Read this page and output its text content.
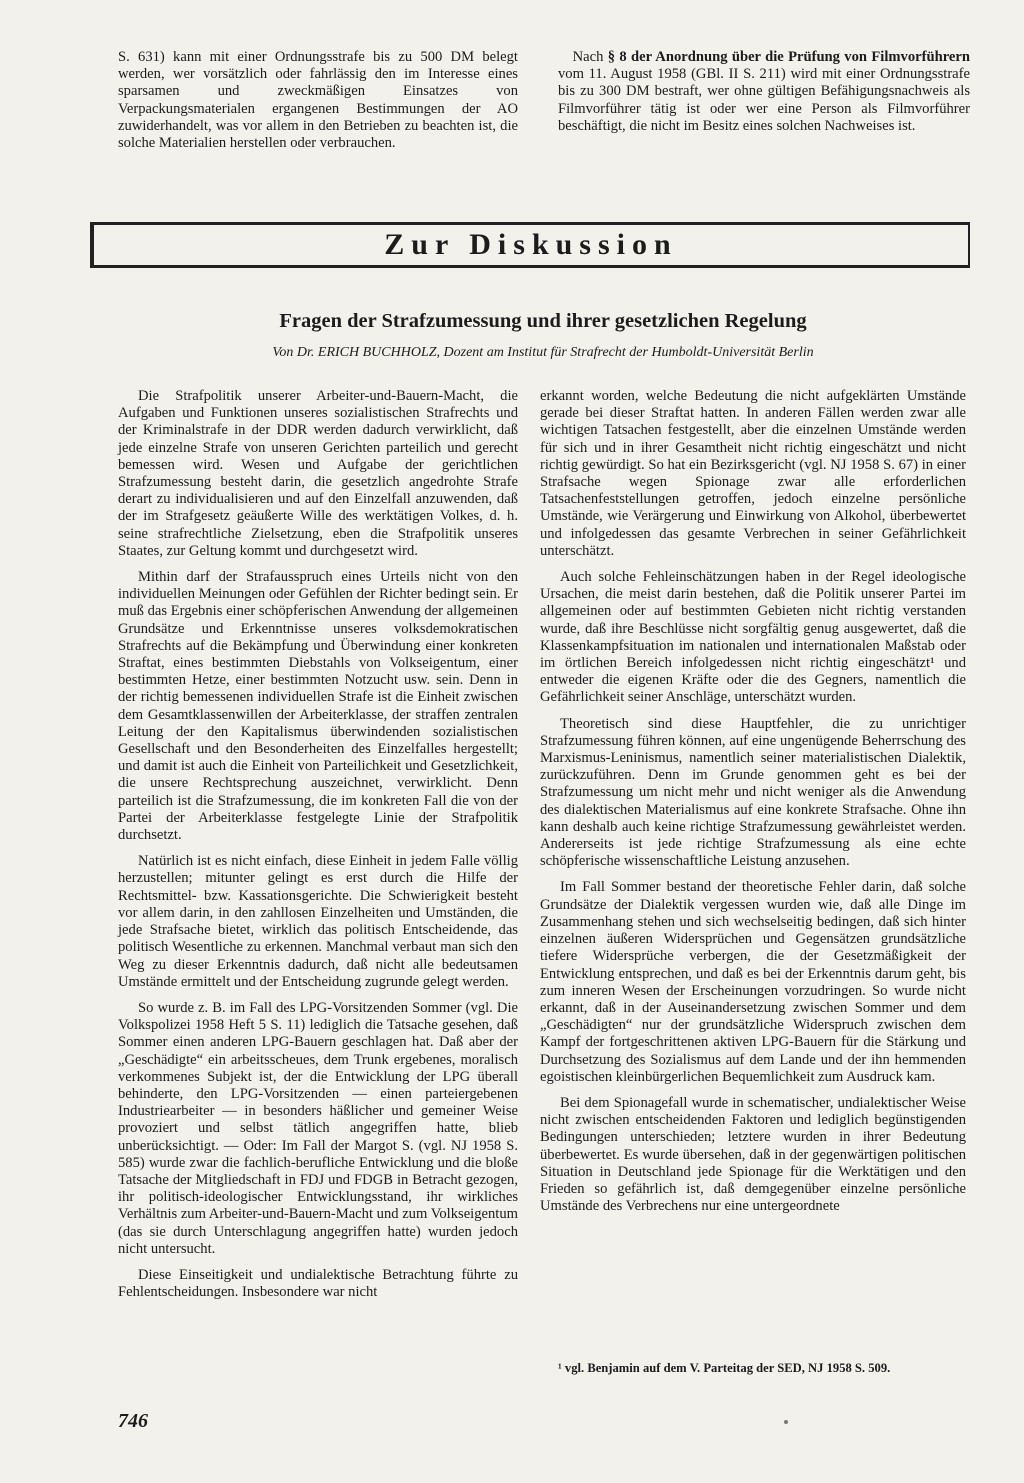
S. 631) kann mit einer Ordnungsstrafe bis zu 500 DM belegt werden, wer vorsätzlich oder fahrlässig den im Interesse eines sparsamen und zweckmäßigen Einsatzes von Verpackungsmaterialen ergangenen Bestimmungen der AO zuwiderhandelt, was vor allem in den Betrieben zu beachten ist, die solche Materialien herstellen oder verbrauchen.

 Nach § 8 der Anordnung über die Prüfung von Filmvorführern vom 11. August 1958 (GBl. II S. 211) wird mit einer Ordnungsstrafe bis zu 300 DM bestraft, wer ohne gültigen Befähigungsnachweis als Filmvorführer tätig ist oder wer eine Person als Filmvorführer beschäftigt, die nicht im Besitz eines solchen Nachweises ist.

Zur Diskussion
Fragen der Strafzumessung und ihrer gesetzlichen Regelung
Von Dr. ERICH BUCHHOLZ, Dozent am Institut für Strafrecht der Humboldt-Universität Berlin

Die Strafpolitik unserer Arbeiter-und-Bauern-Macht, die Aufgaben und Funktionen unseres sozialistischen Strafrechts und der Kriminalstrafe in der DDR werden dadurch verwirklicht, daß jede einzelne Strafe von unseren Gerichten parteilich und gerecht bemessen wird. Wesen und Aufgabe der gerichtlichen Strafzumessung besteht darin, die gesetzlich angedrohte Strafe derart zu individualisieren und auf den Einzelfall anzuwenden, daß der im Strafgesetz geäußerte Wille des werktätigen Volkes, d. h. seine strafrechtliche Zielsetzung, eben die Strafpolitik unseres Staates, zur Geltung kommt und durchgesetzt wird.

Mithin darf der Strafausspruch eines Urteils nicht von den individuellen Meinungen oder Gefühlen der Richter bedingt sein. Er muß das Ergebnis einer schöpferischen Anwendung der allgemeinen Grundsätze und Erkenntnisse unseres volksdemokratischen Strafrechts auf die Bekämpfung und Überwindung einer konkreten Straftat, eines bestimmten Diebstahls von Volkseigentum, einer bestimmten Hetze, einer bestimmten Notzucht usw. sein. Denn in der richtig bemessenen individuellen Strafe ist die Einheit zwischen dem Gesamtklassenwillen der Arbeiterklasse, der straffen zentralen Leitung der den Kapitalismus überwindenden sozialistischen Gesellschaft und den Besonderheiten des Einzelfalles hergestellt; und damit ist auch die Einheit von Parteilichkeit und Gesetzlichkeit, die unsere Rechtsprechung auszeichnet, verwirklicht. Denn parteilich ist die Strafzumessung, die im konkreten Fall die von der Partei der Arbeiterklasse festgelegte Linie der Strafpolitik durchsetzt.

Natürlich ist es nicht einfach, diese Einheit in jedem Falle völlig herzustellen; mitunter gelingt es erst durch die Hilfe der Rechtsmittel- bzw. Kassationsgerichte. Die Schwierigkeit besteht vor allem darin, in den zahllosen Einzelheiten und Umständen, die jede Strafsache bietet, wirklich das politisch Entscheidende, das politisch Wesentliche zu erkennen. Manchmal verbaut man sich den Weg zu dieser Erkenntnis dadurch, daß nicht alle bedeutsamen Umstände ermittelt und der Entscheidung zugrunde gelegt werden.

So wurde z. B. im Fall des LPG-Vorsitzenden Sommer (vgl. Die Volkspolizei 1958 Heft 5 S. 11) lediglich die Tatsache gesehen, daß Sommer einen anderen LPG-Bauern geschlagen hat. Daß aber der „Geschädigte“ ein arbeitsscheues, dem Trunk ergebenes, moralisch verkommenes Subjekt ist, der die Entwicklung der LPG überall behinderte, den LPG-Vorsitzenden — einen parteiergebenen Industriearbeiter — in besonders häßlicher und gemeiner Weise provoziert und selbst tätlich angegriffen hatte, blieb unberücksichtigt. — Oder: Im Fall der Margot S. (vgl. NJ 1958 S. 585) wurde zwar die fachlich-berufliche Entwicklung und die bloße Tatsache der Mitgliedschaft in FDJ und FDGB in Betracht gezogen, ihr politisch-ideologischer Entwicklungsstand, ihr wirkliches Verhältnis zum Arbeiter-und-Bauern-Macht und zum Volkseigentum (das sie durch Unterschlagung angegriffen hatte) wurden jedoch nicht untersucht.

Diese Einseitigkeit und undialektische Betrachtung führte zu Fehlentscheidungen. Insbesondere war nicht

erkannt worden, welche Bedeutung die nicht aufgeklärten Umstände gerade bei dieser Straftat hatten. In anderen Fällen werden zwar alle wichtigen Tatsachen festgestellt, aber die einzelnen Umstände werden für sich und in ihrer Gesamtheit nicht richtig eingeschätzt und nicht richtig gewürdigt. So hat ein Bezirksgericht (vgl. NJ 1958 S. 67) in einer Strafsache wegen Spionage zwar alle erforderlichen Tatsachenfeststellungen getroffen, jedoch einzelne persönliche Umstände, wie Verärgerung und Einwirkung von Alkohol, überbewertet und infolgedessen das gesamte Verbrechen in seiner Gefährlichkeit unterschätzt.

Auch solche Fehleinschätzungen haben in der Regel ideologische Ursachen, die meist darin bestehen, daß die Politik unserer Partei im allgemeinen oder auf bestimmten Gebieten nicht richtig verstanden wurde, daß ihre Beschlüsse nicht sorgfältig genug ausgewertet, daß die Klassenkampfsituation im nationalen und internationalen Maßstab oder im örtlichen Bereich infolgedessen nicht richtig eingeschätzt¹ und entweder die eigenen Kräfte oder die des Gegners, namentlich die Gefährlichkeit seiner Anschläge, unterschätzt wurden.

Theoretisch sind diese Hauptfehler, die zu unrichtiger Strafzumessung führen können, auf eine ungenügende Beherrschung des Marxismus-Leninismus, namentlich seiner materialistischen Dialektik, zurückzuführen. Denn im Grunde genommen geht es bei der Strafzumessung um nicht mehr und nicht weniger als die Anwendung des dialektischen Materialismus auf eine konkrete Strafsache. Ohne ihn kann deshalb auch keine richtige Strafzumessung gewährleistet werden. Andererseits ist jede richtige Strafzumessung als eine echte schöpferische wissenschaftliche Leistung anzusehen.

Im Fall Sommer bestand der theoretische Fehler darin, daß solche Grundsätze der Dialektik vergessen wurden wie, daß alle Dinge im Zusammenhang stehen und sich wechselseitig bedingen, daß sich hinter einzelnen äußeren Widersprüchen und Gegensätzen grundsätzliche tiefere Widersprüche verbergen, die der Gesetzmäßigkeit der Entwicklung entsprechen, und daß es bei der Erkenntnis darum geht, bis zum inneren Wesen der Erscheinungen vorzudringen. So wurde nicht erkannt, daß in der Auseinandersetzung zwischen Sommer und dem „Geschädigten“ nur der grundsätzliche Widerspruch zwischen dem Kampf der fortgeschrittenen aktiven LPG-Bauern für die Stärkung und Durchsetzung des Sozialismus auf dem Lande und der ihn hemmenden egoistischen kleinbürgerlichen Bequemlichkeit zum Ausdruck kam.

Bei dem Spionagefall wurde in schematischer, undialektischer Weise nicht zwischen entscheidenden Faktoren und lediglich begünstigenden Bedingungen unterschieden; letztere wurden in ihrer Bedeutung überbewertet. Es wurde übersehen, daß in der gegenwärtigen politischen Situation in Deutschland jede Spionage für die Werktätigen und den Frieden so gefährlich ist, daß demgegenüber einzelne persönliche Umstände des Verbrechens nur eine untergeordnete

¹ vgl. Benjamin auf dem V. Parteitag der SED, NJ 1958 S. 509.
746
